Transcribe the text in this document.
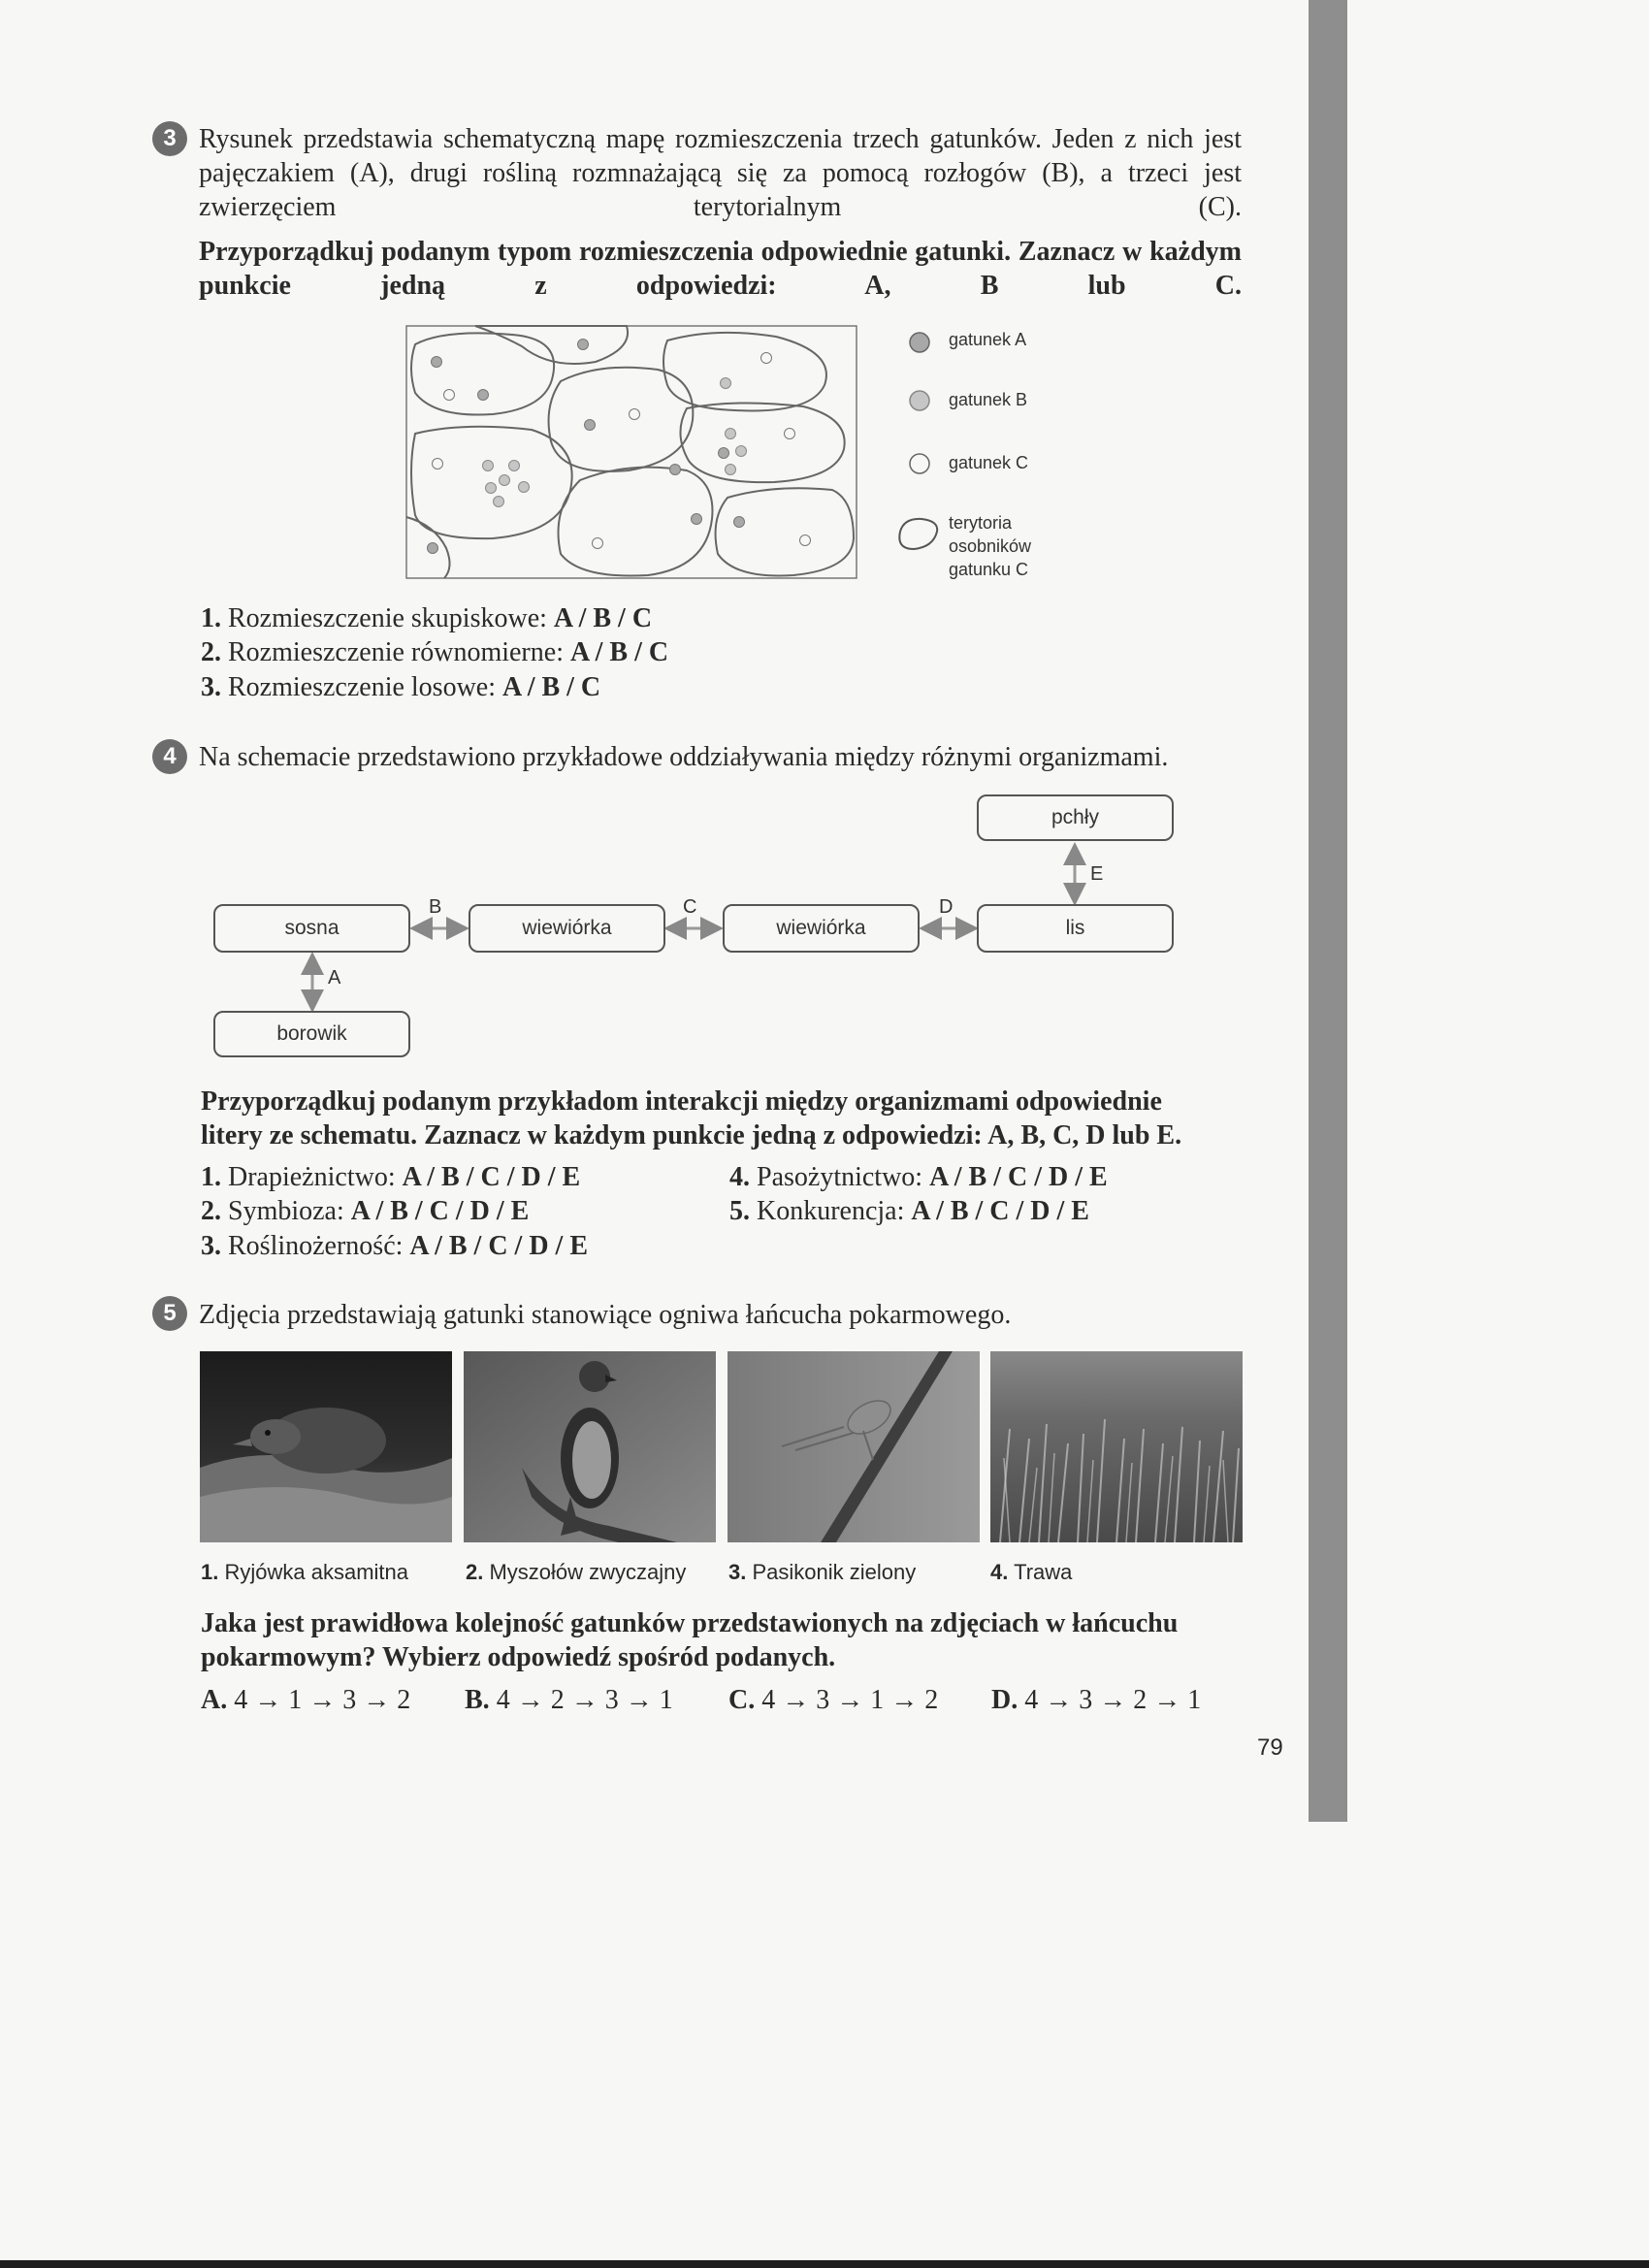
3 Rysunek przedstawia schematyczną mapę rozmieszczenia trzech gatunków. Jeden z nich jest pajęczakiem (A), drugi rośliną rozmnażającą się za pomocą rozłogów (B), a trzeci jest zwierzęciem terytorialnym (C).
Przyporządkuj podanym typom rozmieszczenia odpowiednie gatunki. Zaznacz w każdym punkcie jedną z odpowiedzi: A, B lub C.
gatunek A
gatunek B
gatunek C
terytoria osobników gatunku C
1. Rozmieszczenie skupiskowe: A / B / C
2. Rozmieszczenie równomierne: A / B / C
3. Rozmieszczenie losowe: A / B / C
4 Na schemacie przedstawiono przykładowe oddziaływania między różnymi organizmami.
pchły
sosna	wiewiórka	wiewiórka	lis
borowik
B	C	D
E
A
Przyporządkuj podanym przykładom interakcji między organizmami odpowiednie litery ze schematu. Zaznacz w każdym punkcie jedną z odpowiedzi: A, B, C, D lub E.
1. Drapieżnictwo: A / B / C / D / E
2. Symbioza: A / B / C / D / E
3. Roślinożerność: A / B / C / D / E
4. Pasożytnictwo: A / B / C / D / E
5. Konkurencja: A / B / C / D / E
5 Zdjęcia przedstawiają gatunki stanowiące ogniwa łańcucha pokarmowego.
1. Ryjówka aksamitna	2. Myszołów zwyczajny 3. Pasikonik zielony	4. Trawa
Jaka jest prawidłowa kolejność gatunków przedstawionych na zdjęciach w łańcuchu pokarmowym? Wybierz odpowiedź spośród podanych.
A. 4 → 1 → 3 → 2 B. 4 → 2 → 3 → 1 C. 4 → 3 → 1 → 2 D. 4 → 3 → 2 → 1
79
